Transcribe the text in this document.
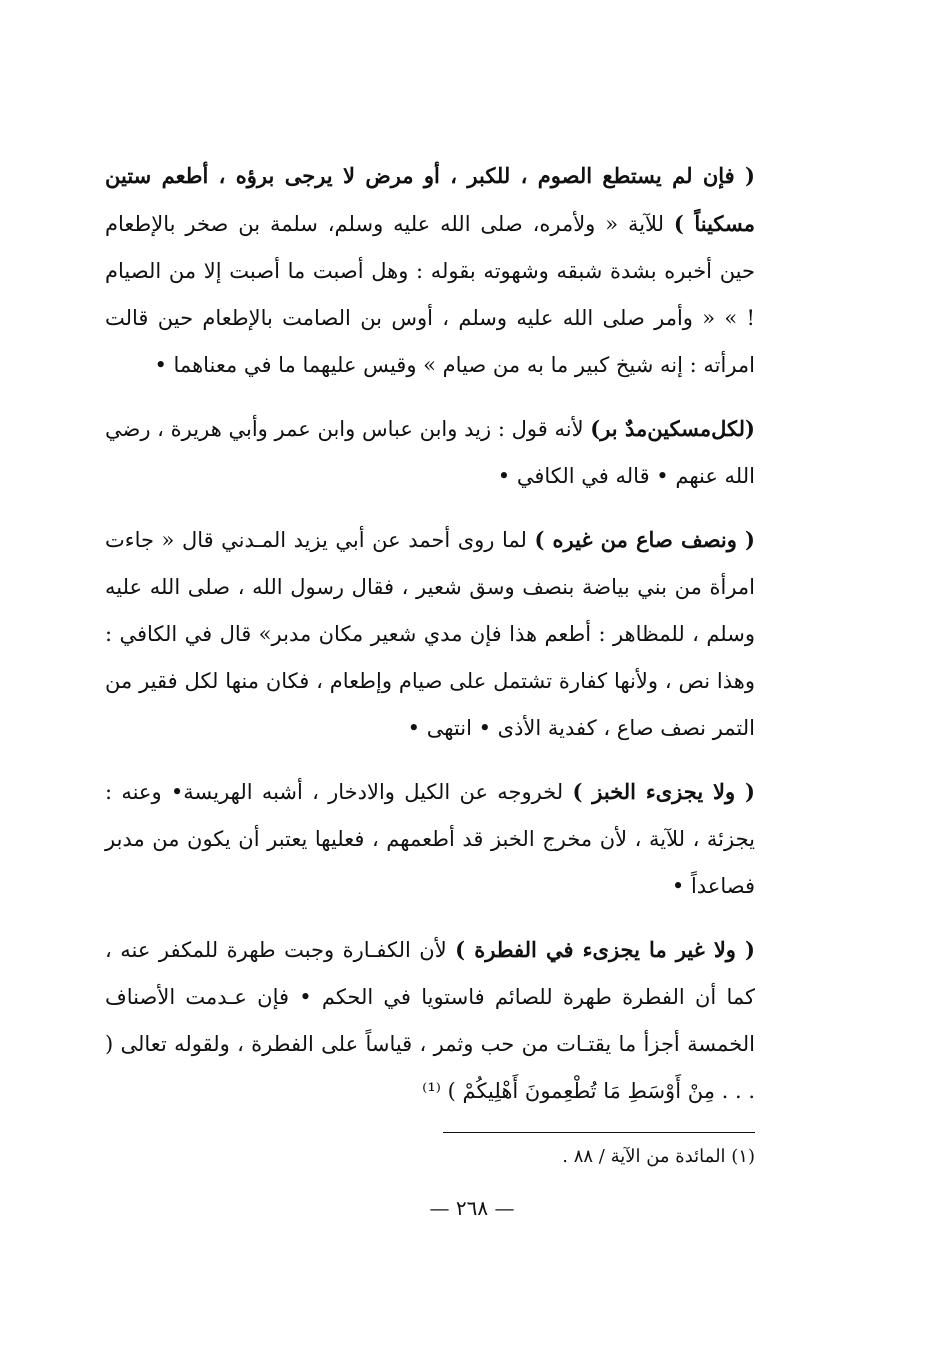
( فإن لم يستطع الصوم ، للكبر ، أو مرض لا يرجى برؤه ، أطعم ستين مسكيناً ) للآية « ولأمره، صلى الله عليه وسلم، سلمة بن صخر بالإطعام حين أخبره بشدة شبقه وشهوته بقوله : وهل أصبت ما أصبت إلا من الصيام ! » « وأمر صلى الله عليه وسلم ، أوس بن الصامت بالإطعام حين قالت امرأته : إنه شيخ كبير ما به من صيام » وقيس عليهما ما في معناهما •

(لكل‌مسكين‌مدٌ بر) لأنه قول : زيد وابن عباس وابن عمر وأبي هريرة ، رضي الله عنهم • قاله في الكافي •

( ونصف صاع من غيره ) لما روى أحمد عن أبي يزيد المـدني قال « جاءت امرأة من بني بياضة بنصف وسق شعير ، فقال رسول الله ، صلى الله عليه وسلم ، للمظاهر : أطعم هذا فإن مدي شعير مكان مدبر» قال في الكافي : وهذا نص ، ولأنها كفارة تشتمل على صيام وإطعام ، فكان منها لكل فقير من التمر نصف صاع ، كفدية الأذى • انتهى •

( ولا يجزىء الخبز ) لخروجه عن الكيل والادخار ، أشبه الهريسة• وعنه : يجزئة ، للآية ، لأن مخرج الخبز قد أطعمهم ، فعليها يعتبر أن يكون من مدبر فصاعداً •

( ولا غير ما يجزىء في الفطرة ) لأن الكفـارة وجبت طهرة للمكفر عنه ، كما أن الفطرة طهرة للصائم فاستويا في الحكم • فإن عـدمت الأصناف الخمسة أجزأ ما يقتـات من حب وثمر ، قياساً على الفطرة ، ولقوله تعالى ( . . . مِنْ أَوْسَطِ مَا تُطْعِمونَ أَهْلِيكُمْ ) ⁽¹⁾

(١) المائدة من الآية / ٨٨ .
— ٢٦٨ —
